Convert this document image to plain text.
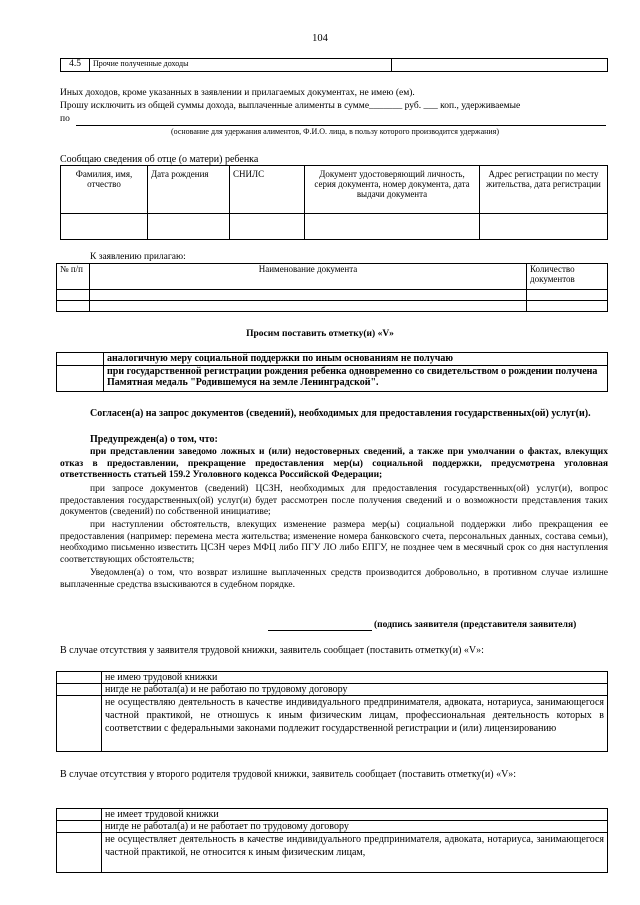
104
4.5	Прочие полученные доходы	

Иных доходов, кроме указанных в заявлении и прилагаемых документах, не имею (ем).

Прошу исключить из общей суммы дохода, выплаченные алименты в сумме_______ руб. ___ коп., удерживаемые

по

(основание для удержания алиментов, Ф.И.О. лица, в пользу которого производится удержания)

Сообщаю сведения об отце (о матери) ребенка

Фамилия, имя, отчество	Дата рождения	СНИЛС	Документ удостоверяющий личность, серия документа, номер документа, дата выдачи документа	Адрес регистрации по месту жительства, дата регистрации

К заявлению прилагаю:

№ п/п	Наименование документа	Количество документов

Просим поставить отметку(и) «V»

	аналогичную меру социальной поддержки по иным основаниям не получаю
	при государственной регистрации рождения ребенка одновременно со свидетельством о рождении получена Памятная медаль "Родившемуся на земле Ленинградской".

Согласен(а) на запрос документов (сведений), необходимых для предоставления государственных(ой) услуг(и).

Предупрежден(а) о том, что:

при представлении заведомо ложных и (или) недостоверных сведений, а также при умолчании о фактах, влекущих отказ в предоставлении, прекращение предоставления мер(ы) социальной поддержки, предусмотрена уголовная ответственность статьей 159.2 Уголовного кодекса Российской Федерации;

при запросе документов (сведений) ЦСЗН, необходимых для предоставления государственных(ой) услуг(и), вопрос предоставления государственных(ой) услуг(и) будет рассмотрен после получения сведений и о возможности представления таких документов (сведений) по собственной инициативе;

при наступлении обстоятельств, влекущих изменение размера мер(ы) социальной поддержки либо прекращения ее предоставления (например: перемена места жительства; изменение номера банковского счета, персональных данных, состава семьи), необходимо письменно известить ЦСЗН через МФЦ либо ПГУ ЛО либо ЕПГУ, не позднее чем в месячный срок со дня наступления соответствующих обстоятельств;

Уведомлен(а) о том, что возврат излишне выплаченных средств производится добровольно, в противном случае излишне выплаченные средства взыскиваются в судебном порядке.

(подпись заявителя (представителя заявителя)

В случае отсутствия у заявителя трудовой книжки, заявитель сообщает (поставить отметку(и) «V»:

	не имею трудовой книжки
	нигде не работал(а) и не работаю по трудовому договору
	не осуществляю деятельность в качестве индивидуального предпринимателя, адвоката, нотариуса, занимающегося частной практикой, не отношусь к иным физическим лицам, профессиональная деятельность которых в соответствии с федеральными законами подлежит государственной регистрации и (или) лицензированию

В случае отсутствия у второго родителя трудовой книжки, заявитель сообщает (поставить отметку(и) «V»:

	не имеет трудовой книжки
	нигде не работал(а) и не работает по трудовому договору
	не осуществляет деятельность в качестве индивидуального предпринимателя, адвоката, нотариуса, занимающегося частной практикой, не относится к иным физическим лицам,
